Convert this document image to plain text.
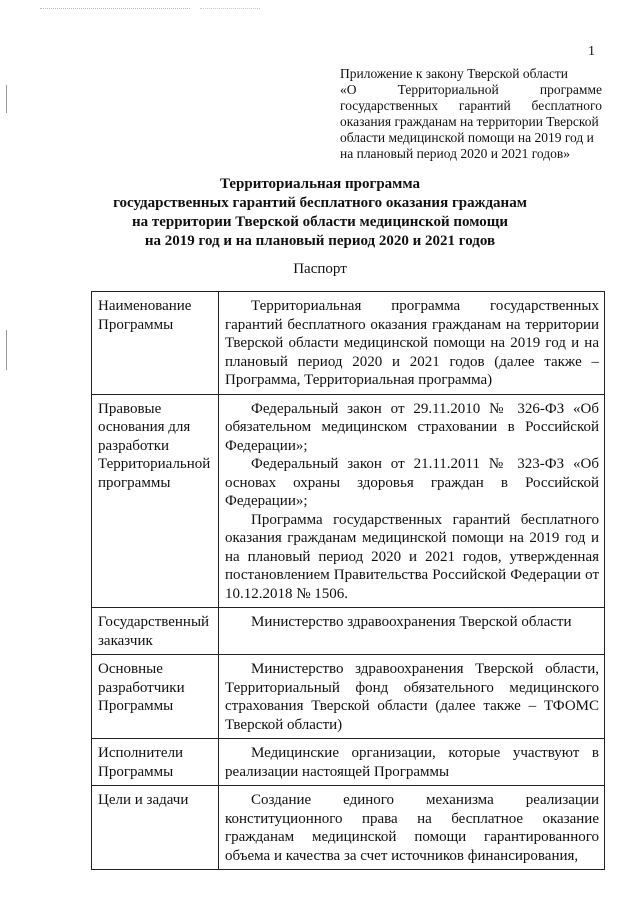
1
Приложение к закону Тверской области
«О Территориальной программе
государственных гарантий бесплатного
оказания гражданам на территории Тверской
области медицинской помощи на 2019 год и
на плановый период 2020 и 2021 годов»
Территориальная программа
государственных гарантий бесплатного оказания гражданам
на территории Тверской области медицинской помощи
на 2019 год и на плановый период 2020 и 2021 годов
Паспорт
Наименование Программы	Территориальная программа государственных гарантий бесплатного оказания гражданам на территории Тверской области медицинской помощи на 2019 год и на плановый период 2020 и 2021 годов (далее также – Программа, Территориальная программа)

Правовые основания для разработки Территориальной программы	Федеральный закон от 29.11.2010 № 326-ФЗ «Об обязательном медицинском страховании в Российской Федерации»;

Федеральный закон от 21.11.2011 № 323-ФЗ «Об основах охраны здоровья граждан в Российской Федерации»;

Программа государственных гарантий бесплатного оказания гражданам медицинской помощи на 2019 год и на плановый период 2020 и 2021 годов, утвержденная постановлением Правительства Российской Федерации от 10.12.2018 № 1506.

Государственный заказчик	Министерство здравоохранения Тверской области

Основные разработчики Программы	Министерство здравоохранения Тверской области, Территориальный фонд обязательного медицинского страхования Тверской области (далее также – ТФОМС Тверской области)

Исполнители Программы	Медицинские организации, которые участвуют в реализации настоящей Программы

Цели и задачи	Создание единого механизма реализации конституционного права на бесплатное оказание гражданам медицинской помощи гарантированного объема и качества за счет источников финансирования,
